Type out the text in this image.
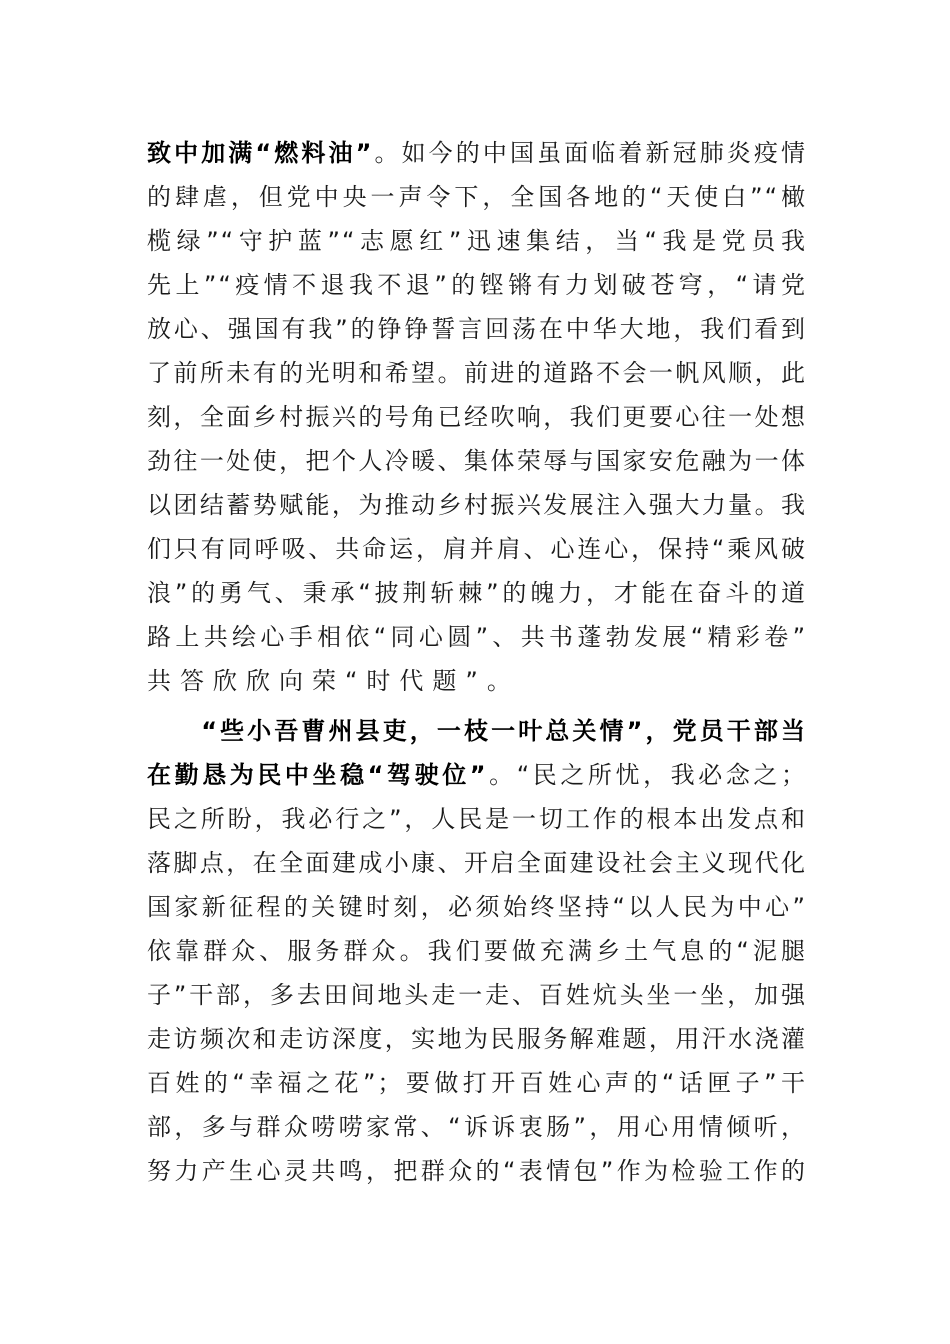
致中加满“燃料油”。如今的中国虽面临着新冠肺炎疫情
的肆虐，但党中央一声令下，全国各地的“天使白”“橄
榄绿”“守护蓝”“志愿红”迅速集结，当“我是党员我
先上”“疫情不退我不退”的铿锵有力划破苍穹，“请党
放心、强国有我”的铮铮誓言回荡在中华大地，我们看到
了前所未有的光明和希望。前进的道路不会一帆风顺，此
刻，全面乡村振兴的号角已经吹响，我们更要心往一处想
劲往一处使，把个人冷暖、集体荣辱与国家安危融为一体
以团结蓄势赋能，为推动乡村振兴发展注入强大力量。我
们只有同呼吸、共命运，肩并肩、心连心，保持“乘风破
浪”的勇气、秉承“披荆斩棘”的魄力，才能在奋斗的道
路上共绘心手相依“同心圆”、共书蓬勃发展“精彩卷”
共答欣欣向荣“时代题”。
　　“些小吾曹州县吏，一枝一叶总关情”，党员干部当
在勤恳为民中坐稳“驾驶位”。“民之所忧，我必念之；
民之所盼，我必行之”，人民是一切工作的根本出发点和
落脚点，在全面建成小康、开启全面建设社会主义现代化
国家新征程的关键时刻，必须始终坚持“以人民为中心”
依靠群众、服务群众。我们要做充满乡土气息的“泥腿
子”干部，多去田间地头走一走、百姓炕头坐一坐，加强
走访频次和走访深度，实地为民服务解难题，用汗水浇灌
百姓的“幸福之花”；要做打开百姓心声的“话匣子”干
部，多与群众唠唠家常、“诉诉衷肠”，用心用情倾听，
努力产生心灵共鸣，把群众的“表情包”作为检验工作的
